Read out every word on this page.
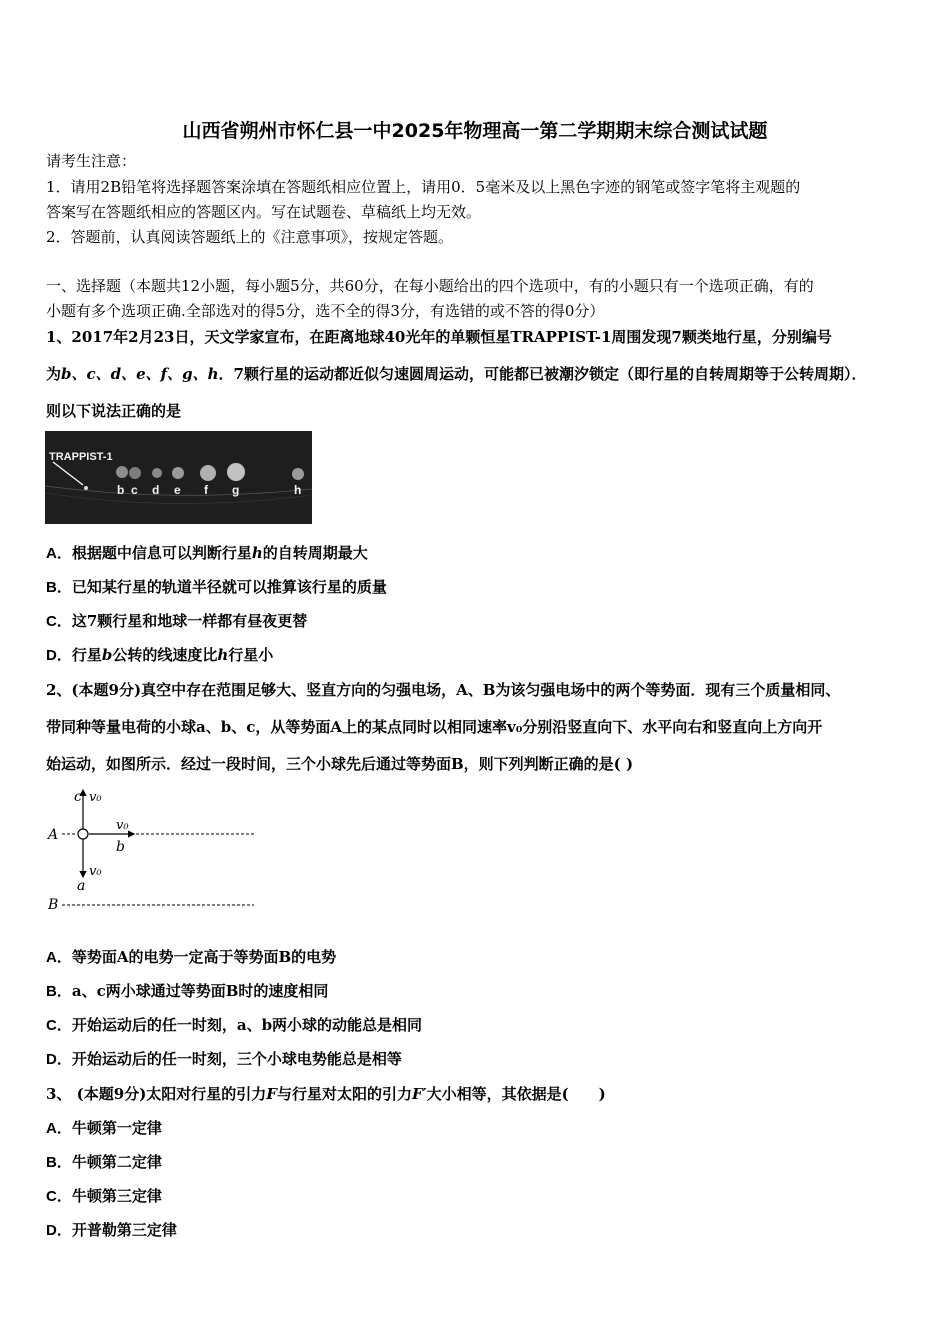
山西省朔州市怀仁县一中2025年物理高一第二学期期末综合测试试题
请考生注意：
1．请用2B铅笔将选择题答案涂填在答题纸相应位置上，请用0．5毫米及以上黑色字迹的钢笔或签字笔将主观题的
答案写在答题纸相应的答题区内。写在试题卷、草稿纸上均无效。
2．答题前，认真阅读答题纸上的《注意事项》，按规定答题。
一、选择题（本题共12小题，每小题5分，共60分，在每小题给出的四个选项中，有的小题只有一个选项正确，有的
小题有多个选项正确.全部选对的得5分，选不全的得3分，有选错的或不答的得0分）
1、2017年2月23日，天文学家宣布，在距离地球40光年的单颗恒星TRAPPIST-1周围发现7颗类地行星，分别编号
为b、c、d、e、f、g、h．7颗行星的运动都近似匀速圆周运动，可能都已被潮汐锁定（即行星的自转周期等于公转周期）．
则以下说法正确的是
TRAPPIST-1
b c d e f g	h
A．根据题中信息可以判断行星h的自转周期最大
B．已知某行星的轨道半径就可以推算该行星的质量
C．这7颗行星和地球一样都有昼夜更替
D．行星b公转的线速度比h行星小
2、(本题9分)真空中存在范围足够大、竖直方向的匀强电场，A、B为该匀强电场中的两个等势面．现有三个质量相同、
带同种等量电荷的小球a、b、c，从等势面A上的某点同时以相同速率v₀分别沿竖直向下、水平向右和竖直向上方向开
始运动，如图所示．经过一段时间，三个小球先后通过等势面B，则下列判断正确的是( )
c v₀
A
v₀
b
v₀
a
B
A．等势面A的电势一定高于等势面B的电势
B．a、c两小球通过等势面B时的速度相同
C．开始运动后的任一时刻，a、b两小球的动能总是相同
D．开始运动后的任一时刻，三个小球电势能总是相等
3、 (本题9分)太阳对行星的引力F与行星对太阳的引力F′大小相等，其依据是(　　)
A．牛顿第一定律
B．牛顿第二定律
C．牛顿第三定律
D．开普勒第三定律
